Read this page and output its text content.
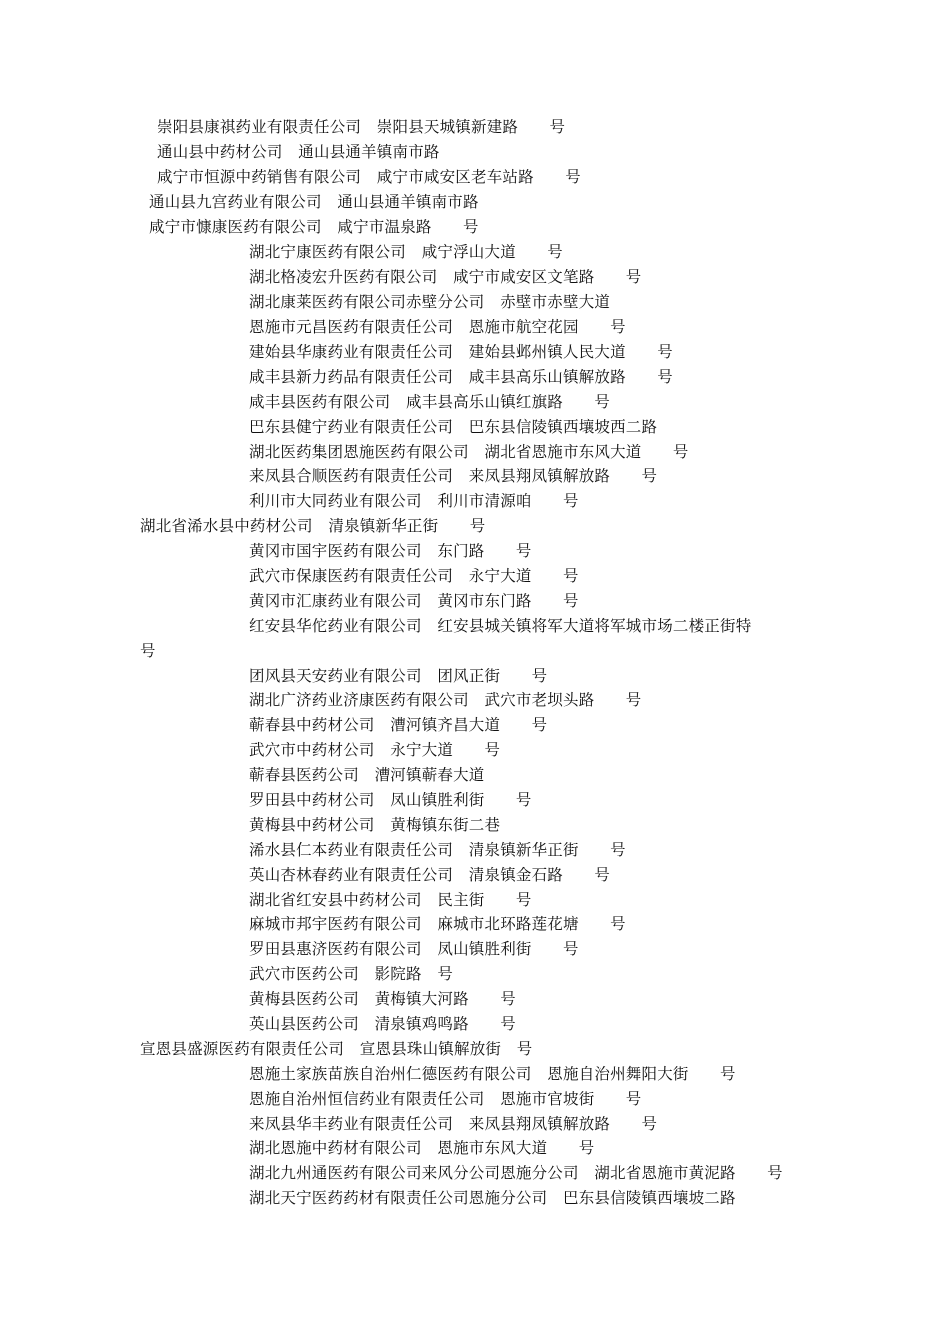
崇阳县康祺药业有限责任公司　崇阳县天城镇新建路　　号
通山县中药材公司　通山县通羊镇南市路
咸宁市恒源中药销售有限公司　咸宁市咸安区老车站路　　号
通山县九宫药业有限公司　通山县通羊镇南市路
咸宁市慷康医药有限公司　咸宁市温泉路　　号
湖北宁康医药有限公司　咸宁浮山大道　　号
湖北格凌宏升医药有限公司　咸宁市咸安区文笔路　　号
湖北康莱医药有限公司赤壁分公司　赤壁市赤壁大道
恩施市元昌医药有限责任公司　恩施市航空花园　　号
建始县华康药业有限责任公司　建始县邺州镇人民大道　　号
咸丰县新力药品有限责任公司　咸丰县高乐山镇解放路　　号
咸丰县医药有限公司　咸丰县高乐山镇红旗路　　号
巴东县健宁药业有限责任公司　巴东县信陵镇西壤坡西二路
湖北医药集团恩施医药有限公司　湖北省恩施市东风大道　　号
来凤县合顺医药有限责任公司　来凤县翔凤镇解放路　　号
利川市大同药业有限公司　利川市清源咱　　号
湖北省浠水县中药材公司　清泉镇新华正街　　号
黄冈市国宇医药有限公司　东门路　　号
武穴市保康医药有限责任公司　永宁大道　　号
黄冈市汇康药业有限公司　黄冈市东门路　　号
红安县华佗药业有限公司　红安县城关镇将军大道将军城市场二楼正街特
号
团风县天安药业有限公司　团风正街　　号
湖北广济药业济康医药有限公司　武穴市老坝头路　　号
蕲春县中药材公司　漕河镇齐昌大道　　号
武穴市中药材公司　永宁大道　　号
蕲春县医药公司　漕河镇蕲春大道
罗田县中药材公司　凤山镇胜利街　　号
黄梅县中药材公司　黄梅镇东街二巷
浠水县仁本药业有限责任公司　清泉镇新华正街　　号
英山杏林春药业有限责任公司　清泉镇金石路　　号
湖北省红安县中药材公司　民主街　　号
麻城市邦宇医药有限公司　麻城市北环路莲花塘　　号
罗田县惠济医药有限公司　凤山镇胜利街　　号
武穴市医药公司　影院路　号
黄梅县医药公司　黄梅镇大河路　　号
英山县医药公司　清泉镇鸡鸣路　　号
宣恩县盛源医药有限责任公司　宣恩县珠山镇解放街　号
恩施土家族苗族自治州仁德医药有限公司　恩施自治州舞阳大街　　号
恩施自治州恒信药业有限责任公司　恩施市官坡街　　号
来凤县华丰药业有限责任公司　来凤县翔凤镇解放路　　号
湖北恩施中药材有限公司　恩施市东风大道　　号
湖北九州通医药有限公司来风分公司恩施分公司　湖北省恩施市黄泥路　　号
湖北天宁医药药材有限责任公司恩施分公司　巴东县信陵镇西壤坡二路
